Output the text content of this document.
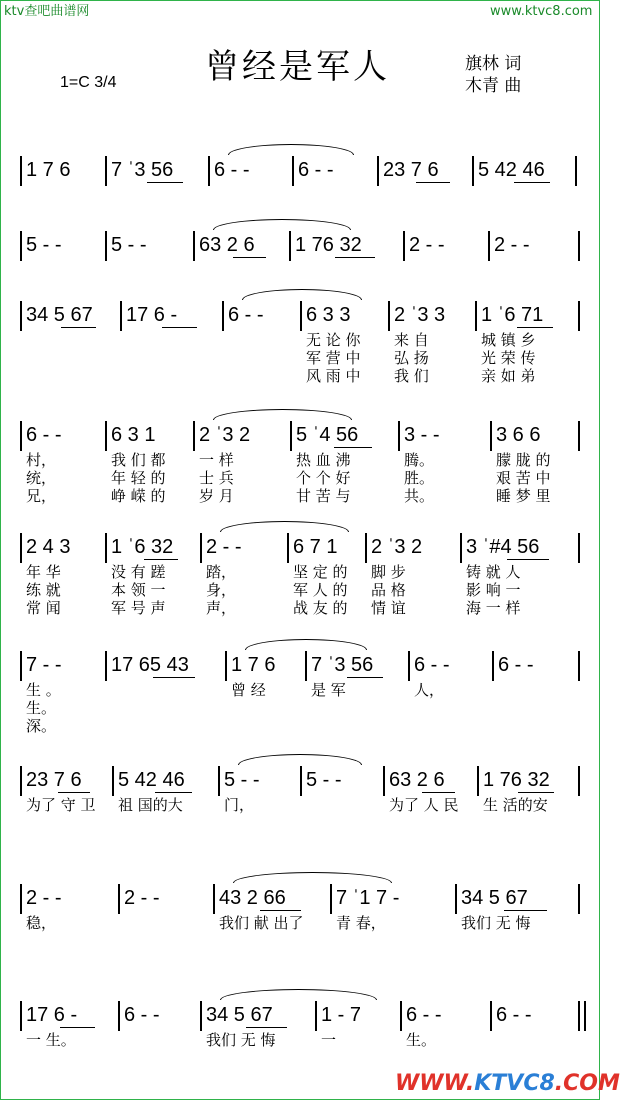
ktv查吧曲谱网	www.ktvc8.com
曾经是军人
1=C 3/4
旗林 词
木青 曲
1 7 6 7 ˈ3 56 6 - - 6 - - 23 7 6 5 42 46
5 - - 5 - -	63 2 6 1 76 32 2 - - 2 - -
34 5 67 17 6 -	6 - - 6 3 3 2 ˈ3 3 1 ˈ6 71
无 论 你 来 自	城 镇 乡
军 营 中 弘 扬	光 荣 传
风 雨 中 我 们	亲 如 弟
6 - - 6 3 1 2 ˈ3 2 5 ˈ4 56 3 - -	3 6 6
村，	我 们 都 一 样	热 血 沸	腾。	朦 胧 的
统，	年 轻 的 士 兵	个 个 好	胜。	艰 苦 中
兄，	峥 嵘 的 岁 月	甘 苦 与	共。	睡 梦 里
2 4 3 1 ˈ6 32 2 - -	6 7 1 2 ˈ3 2 3 ˈ#4 56
年 华	没 有 蹉	踏，	坚 定 的 脚 步	铸 就 人
练 就	本 领 一	身，	军 人 的 品 格	影 响 一
常 闻	军 号 声	声，	战 友 的 情 谊	海 一 样
7 - - 17 65 43 1 7 6 7 ˈ3 56 6 - - 6 - -
生 。	曾 经	是 军	人，
生。
深。
23 7 6 5 42 46 5 - - 5 - - 63 2 6 1 76 32
为了 守 卫 祖 国的大	门，	为了 人 民 生 活的安
2 - -	2 - -	43 2 66	7 ˈ1 7 -	34 5 67
稳，	我们 献 出了 青 春，	我们 无 悔
17 6 - 6 - - 34 5 67 1 - 7 6 - -	6 - -
一 生。	我们 无 悔	一	生。
WWW.KTVC8.COM
